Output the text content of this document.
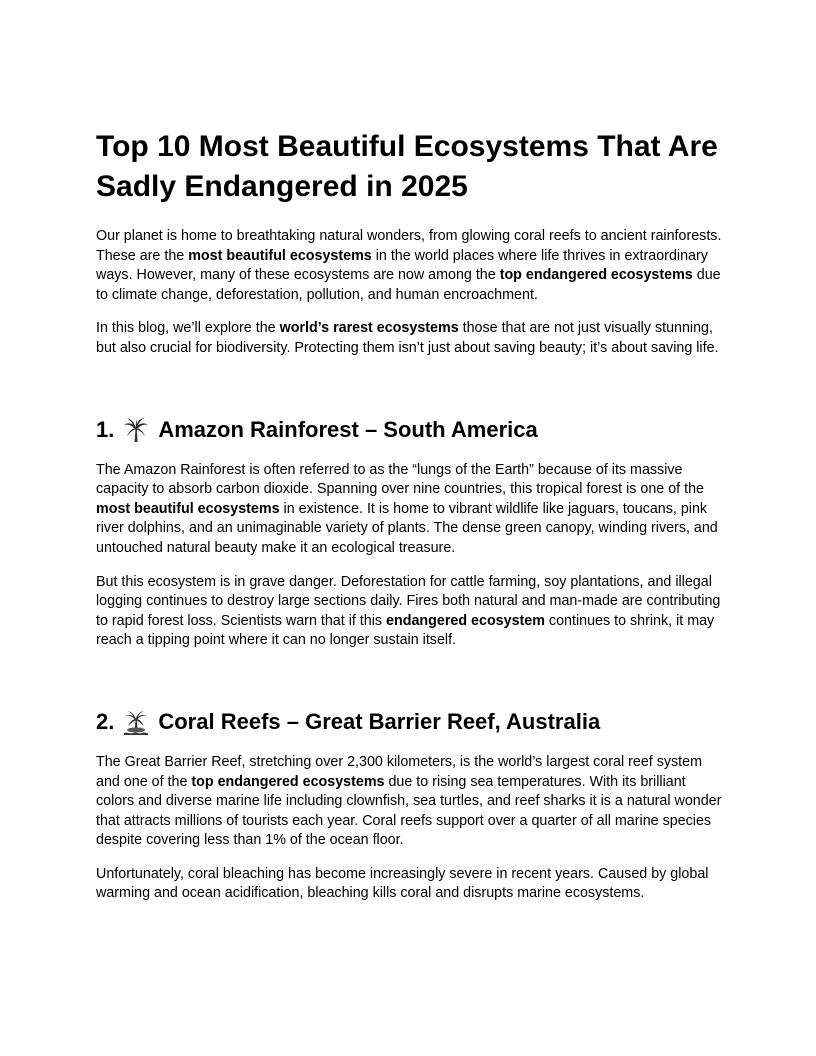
Top 10 Most Beautiful Ecosystems That Are Sadly Endangered in 2025

Our planet is home to breathtaking natural wonders, from glowing coral reefs to ancient rainforests. These are the most beautiful ecosystems in the world places where life thrives in extraordinary ways. However, many of these ecosystems are now among the top endangered ecosystems due to climate change, deforestation, pollution, and human encroachment.

In this blog, we’ll explore the world’s rarest ecosystems those that are not just visually stunning, but also crucial for biodiversity. Protecting them isn’t just about saving beauty; it’s about saving life.

1. Amazon Rainforest – South America

The Amazon Rainforest is often referred to as the “lungs of the Earth” because of its massive capacity to absorb carbon dioxide. Spanning over nine countries, this tropical forest is one of the most beautiful ecosystems in existence. It is home to vibrant wildlife like jaguars, toucans, pink river dolphins, and an unimaginable variety of plants. The dense green canopy, winding rivers, and untouched natural beauty make it an ecological treasure.

But this ecosystem is in grave danger. Deforestation for cattle farming, soy plantations, and illegal logging continues to destroy large sections daily. Fires both natural and man-made are contributing to rapid forest loss. Scientists warn that if this endangered ecosystem continues to shrink, it may reach a tipping point where it can no longer sustain itself.

2. Coral Reefs – Great Barrier Reef, Australia

The Great Barrier Reef, stretching over 2,300 kilometers, is the world’s largest coral reef system and one of the top endangered ecosystems due to rising sea temperatures. With its brilliant colors and diverse marine life including clownfish, sea turtles, and reef sharks it is a natural wonder that attracts millions of tourists each year. Coral reefs support over a quarter of all marine species despite covering less than 1% of the ocean floor.

Unfortunately, coral bleaching has become increasingly severe in recent years. Caused by global warming and ocean acidification, bleaching kills coral and disrupts marine ecosystems.
